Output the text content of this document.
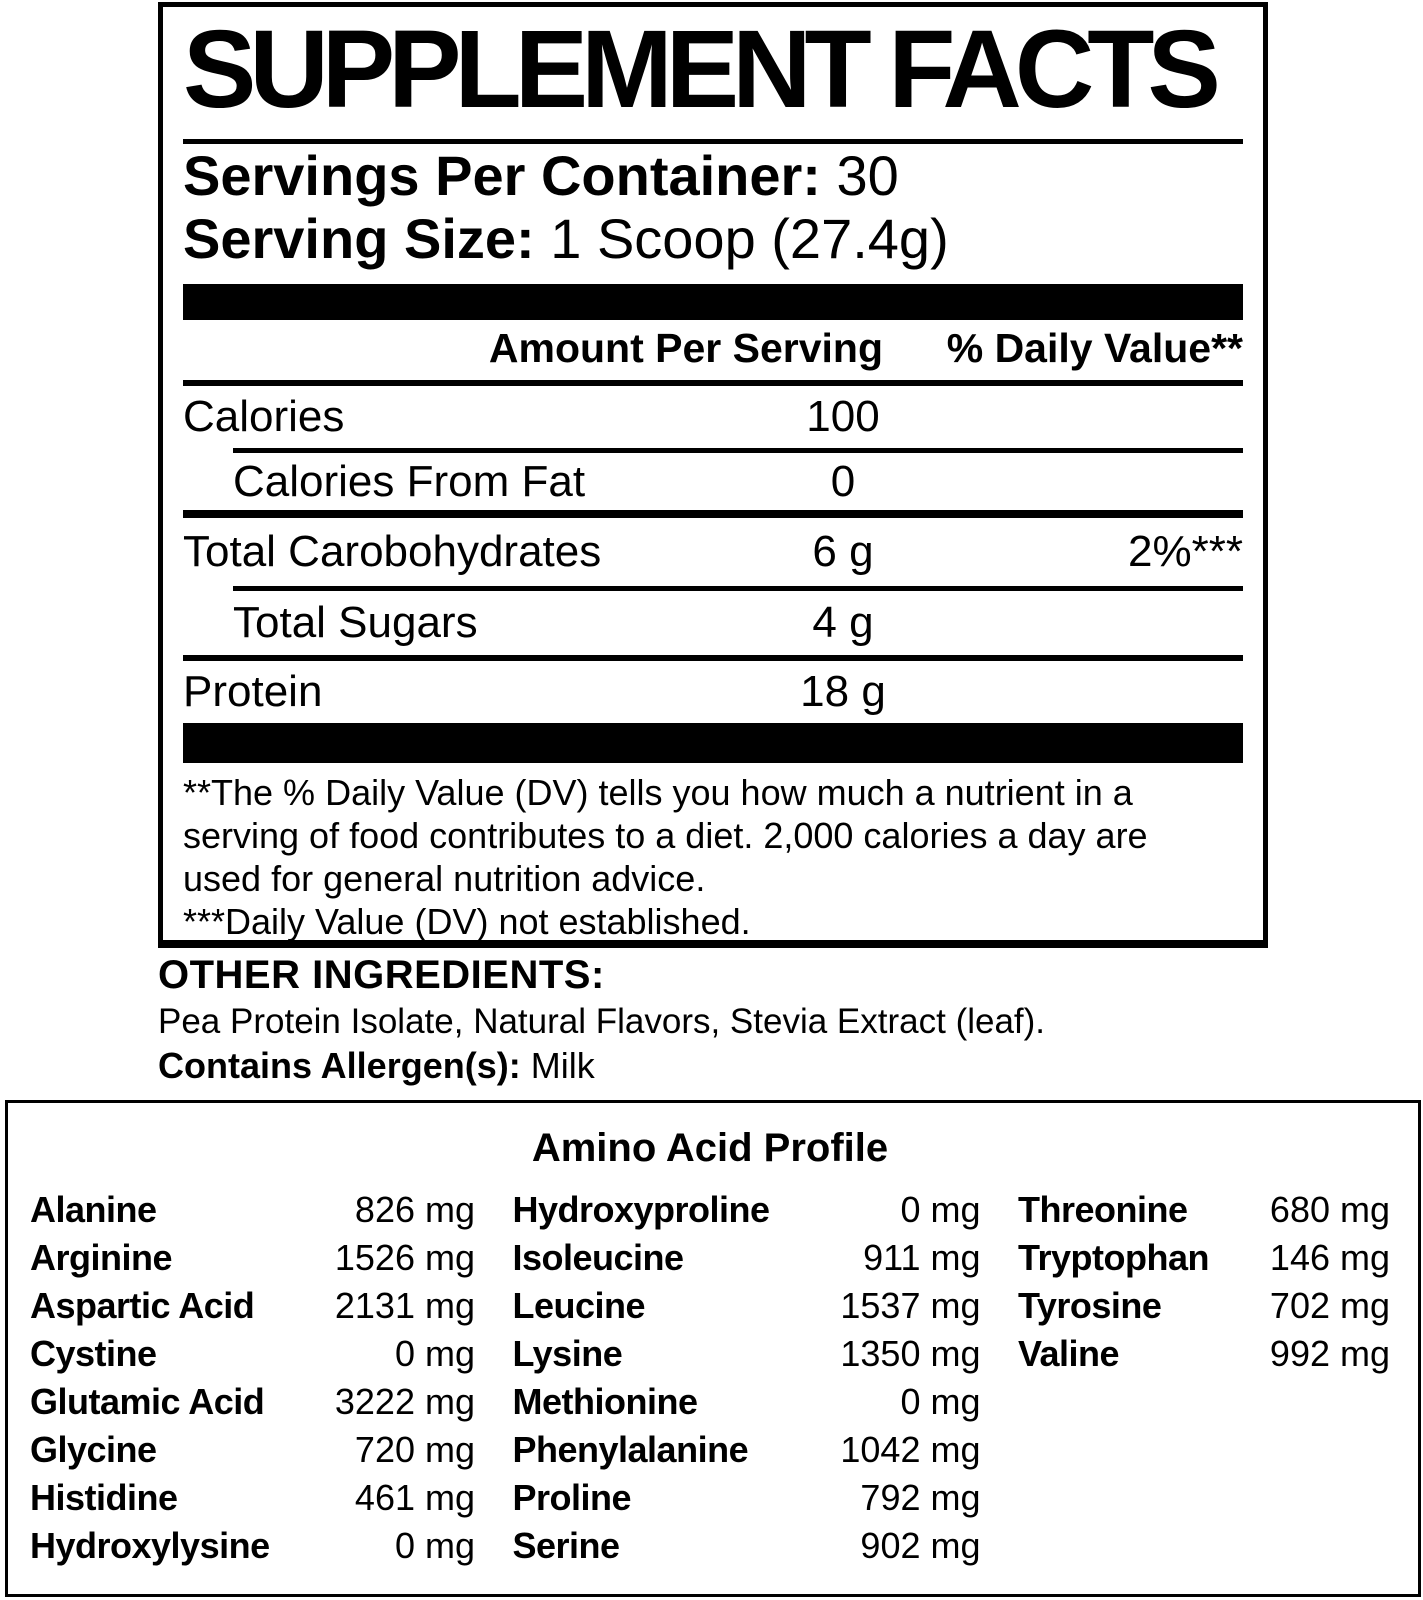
SUPPLEMENT FACTS
Servings Per Container: 30
Serving Size: 1 Scoop (27.4g)
Amount Per Serving % Daily Value**
Calories	100
Calories From Fat	0
Total Carobohydrates	6 g	2%***
Total Sugars	4 g
Protein	18 g
**The % Daily Value (DV) tells you how much a nutrient in a
serving of food contributes to a diet. 2,000 calories a day are
used for general nutrition advice.
***Daily Value (DV) not established.
OTHER INGREDIENTS:
Pea Protein Isolate, Natural Flavors, Stevia Extract (leaf).
Contains Allergen(s): Milk
Amino Acid Profile
Alanine	826 mg
Arginine	1526 mg
Aspartic Acid 2131 mg
Cystine	0 mg
Glutamic Acid 3222 mg
Glycine	720 mg
Histidine	461 mg
Hydroxylysine	0 mg
Hydroxyproline	0 mg
Isoleucine	911 mg
Leucine	1537 mg
Lysine	1350 mg
Methionine	0 mg
Phenylalanine	1042 mg
Proline	792 mg
Serine	902 mg
Threonine 680 mg
Tryptophan 146 mg
Tyrosine	702 mg
Valine	992 mg
